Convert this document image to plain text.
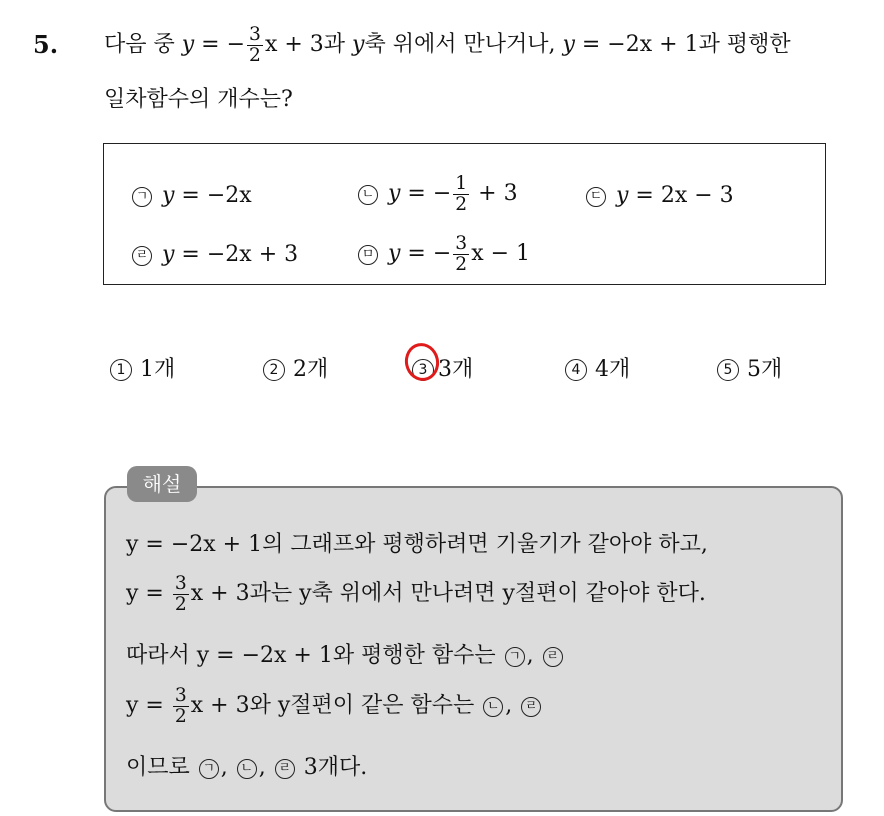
5. 다음 중 y = − $\frac{3}{2}$ x + 3과 y축 위에서 만나거나, y = −2x + 1과 평행한
일차함수의 개수는?
ㄱ y = −2x	ㄴ y = − $\frac{1}{2} + 3$	ㄷ y = 2x − 3
ㄹ y = −2x + 3	ㅁ y = − $\frac{3}{2}$ x − 1
1 1개	2 2개	3 3개	4 4개	5 5개
해설
y = −2x + 1의 그래프와 평행하려면 기울기가 같아야 하고,
$y = \frac{3}{2}$ x + 3과는 y축 위에서 만나려면 y절편이 같아야 한다.
따라서 y = −2x + 1와 평행한 함수는 ㄱ , ㄹ
$y = \frac{3}{2}$ x + 3와 y절편이 같은 함수는 ㄴ , ㄹ
이므로 ㄱ , ㄴ , ㄹ 3개다.
